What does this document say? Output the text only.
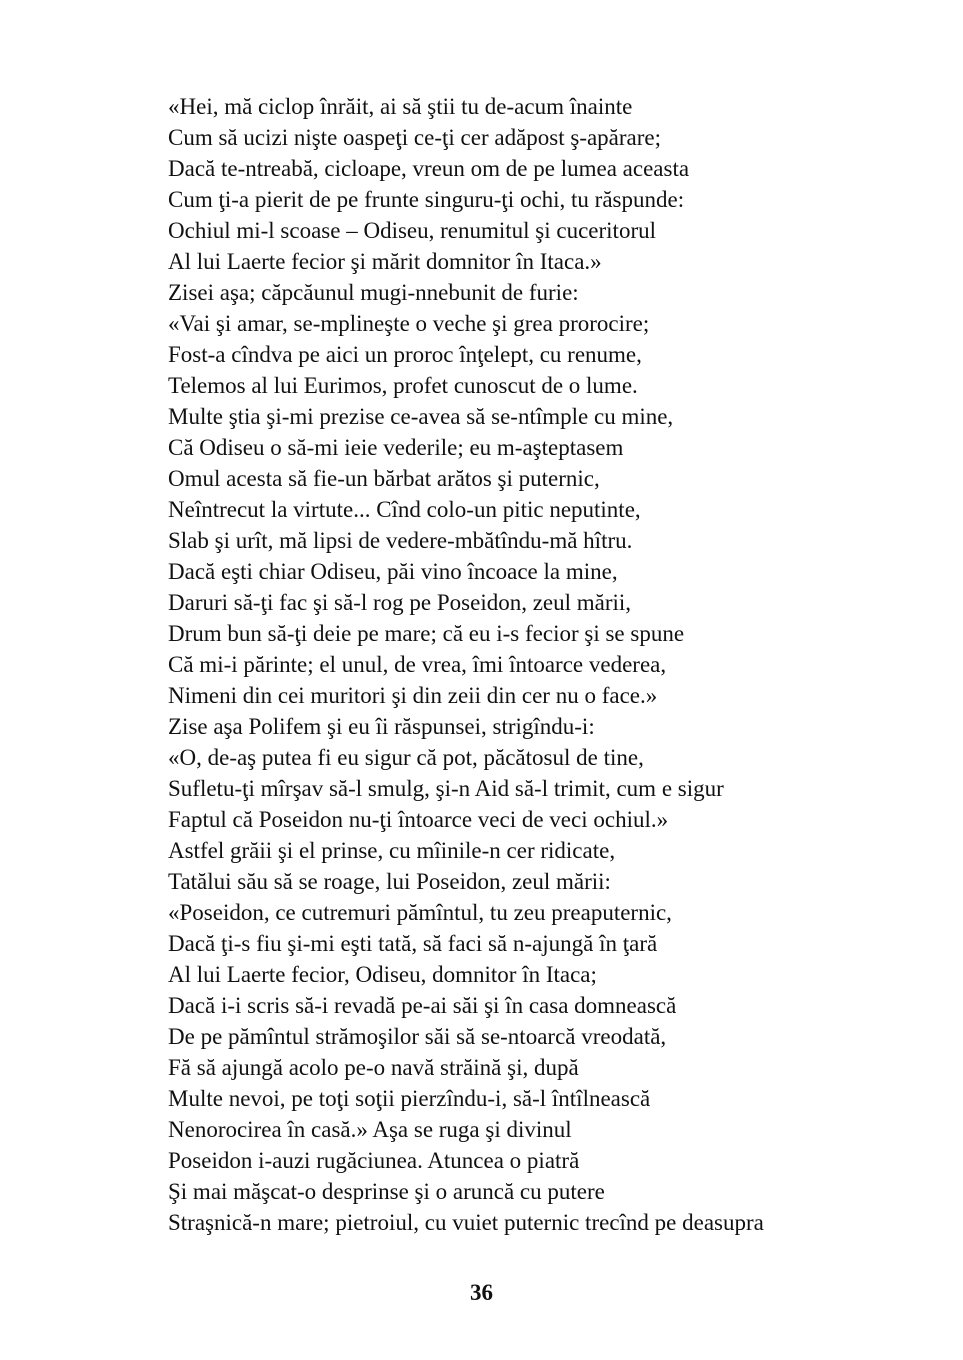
«Hei, mă ciclop înrăit, ai să ştii tu de-acum înainte
Cum să ucizi nişte oaspeţi ce-ţi cer adăpost ş-apărare;
Dacă te-ntreabă, cicloape, vreun om de pe lumea aceasta
Cum ţi-a pierit de pe frunte singuru-ţi ochi, tu răspunde:
Ochiul mi-l scoase – Odiseu, renumitul şi cuceritorul
Al lui Laerte fecior şi mărit domnitor în Itaca.»
Zisei aşa; căpcăunul mugi-nnebunit de furie:
«Vai şi amar, se-mplineşte o veche şi grea prorocire;
Fost-a cîndva pe aici un proroc înţelept, cu renume,
Telemos al lui Eurimos, profet cunoscut de o lume.
Multe ştia şi-mi prezise ce-avea să se-ntîmple cu mine,
Că Odiseu o să-mi ieie vederile; eu m-aşteptasem
Omul acesta să fie-un bărbat arătos şi puternic,
Neîntrecut la virtute... Cînd colo-un pitic neputinte,
Slab şi urît, mă lipsi de vedere-mbătîndu-mă hîtru.
Dacă eşti chiar Odiseu, păi vino încoace la mine,
Daruri să-ţi fac şi să-l rog pe Poseidon, zeul mării,
Drum bun să-ţi deie pe mare; că eu i-s fecior şi se spune
Că mi-i părinte; el unul, de vrea, îmi întoarce vederea,
Nimeni din cei muritori şi din zeii din cer nu o face.»
Zise aşa Polifem şi eu îi răspunsei, strigîndu-i:
«O, de-aş putea fi eu sigur că pot, păcătosul de tine,
Sufletu-ţi mîrşav să-l smulg, şi-n Aid să-l trimit, cum e sigur
Faptul că Poseidon nu-ţi întoarce veci de veci ochiul.»
Astfel grăii şi el prinse, cu mîinile-n cer ridicate,
Tatălui său să se roage, lui Poseidon, zeul mării:
«Poseidon, ce cutremuri pămîntul, tu zeu preaputernic,
Dacă ţi-s fiu şi-mi eşti tată, să faci să n-ajungă în ţară
Al lui Laerte fecior, Odiseu, domnitor în Itaca;
Dacă i-i scris să-i revadă pe-ai săi şi în casa domnească
De pe pămîntul strămoşilor săi să se-ntoarcă vreodată,
Fă să ajungă acolo pe-o navă străină şi, după
Multe nevoi, pe toţi soţii pierzîndu-i, să-l întîlnească
Nenorocirea în casă.» Aşa se ruga şi divinul
Poseidon i-auzi rugăciunea. Atuncea o piatră
Şi mai măşcat-o desprinse şi o aruncă cu putere
Straşnică-n mare; pietroiul, cu vuiet puternic trecînd pe deasupra
36
